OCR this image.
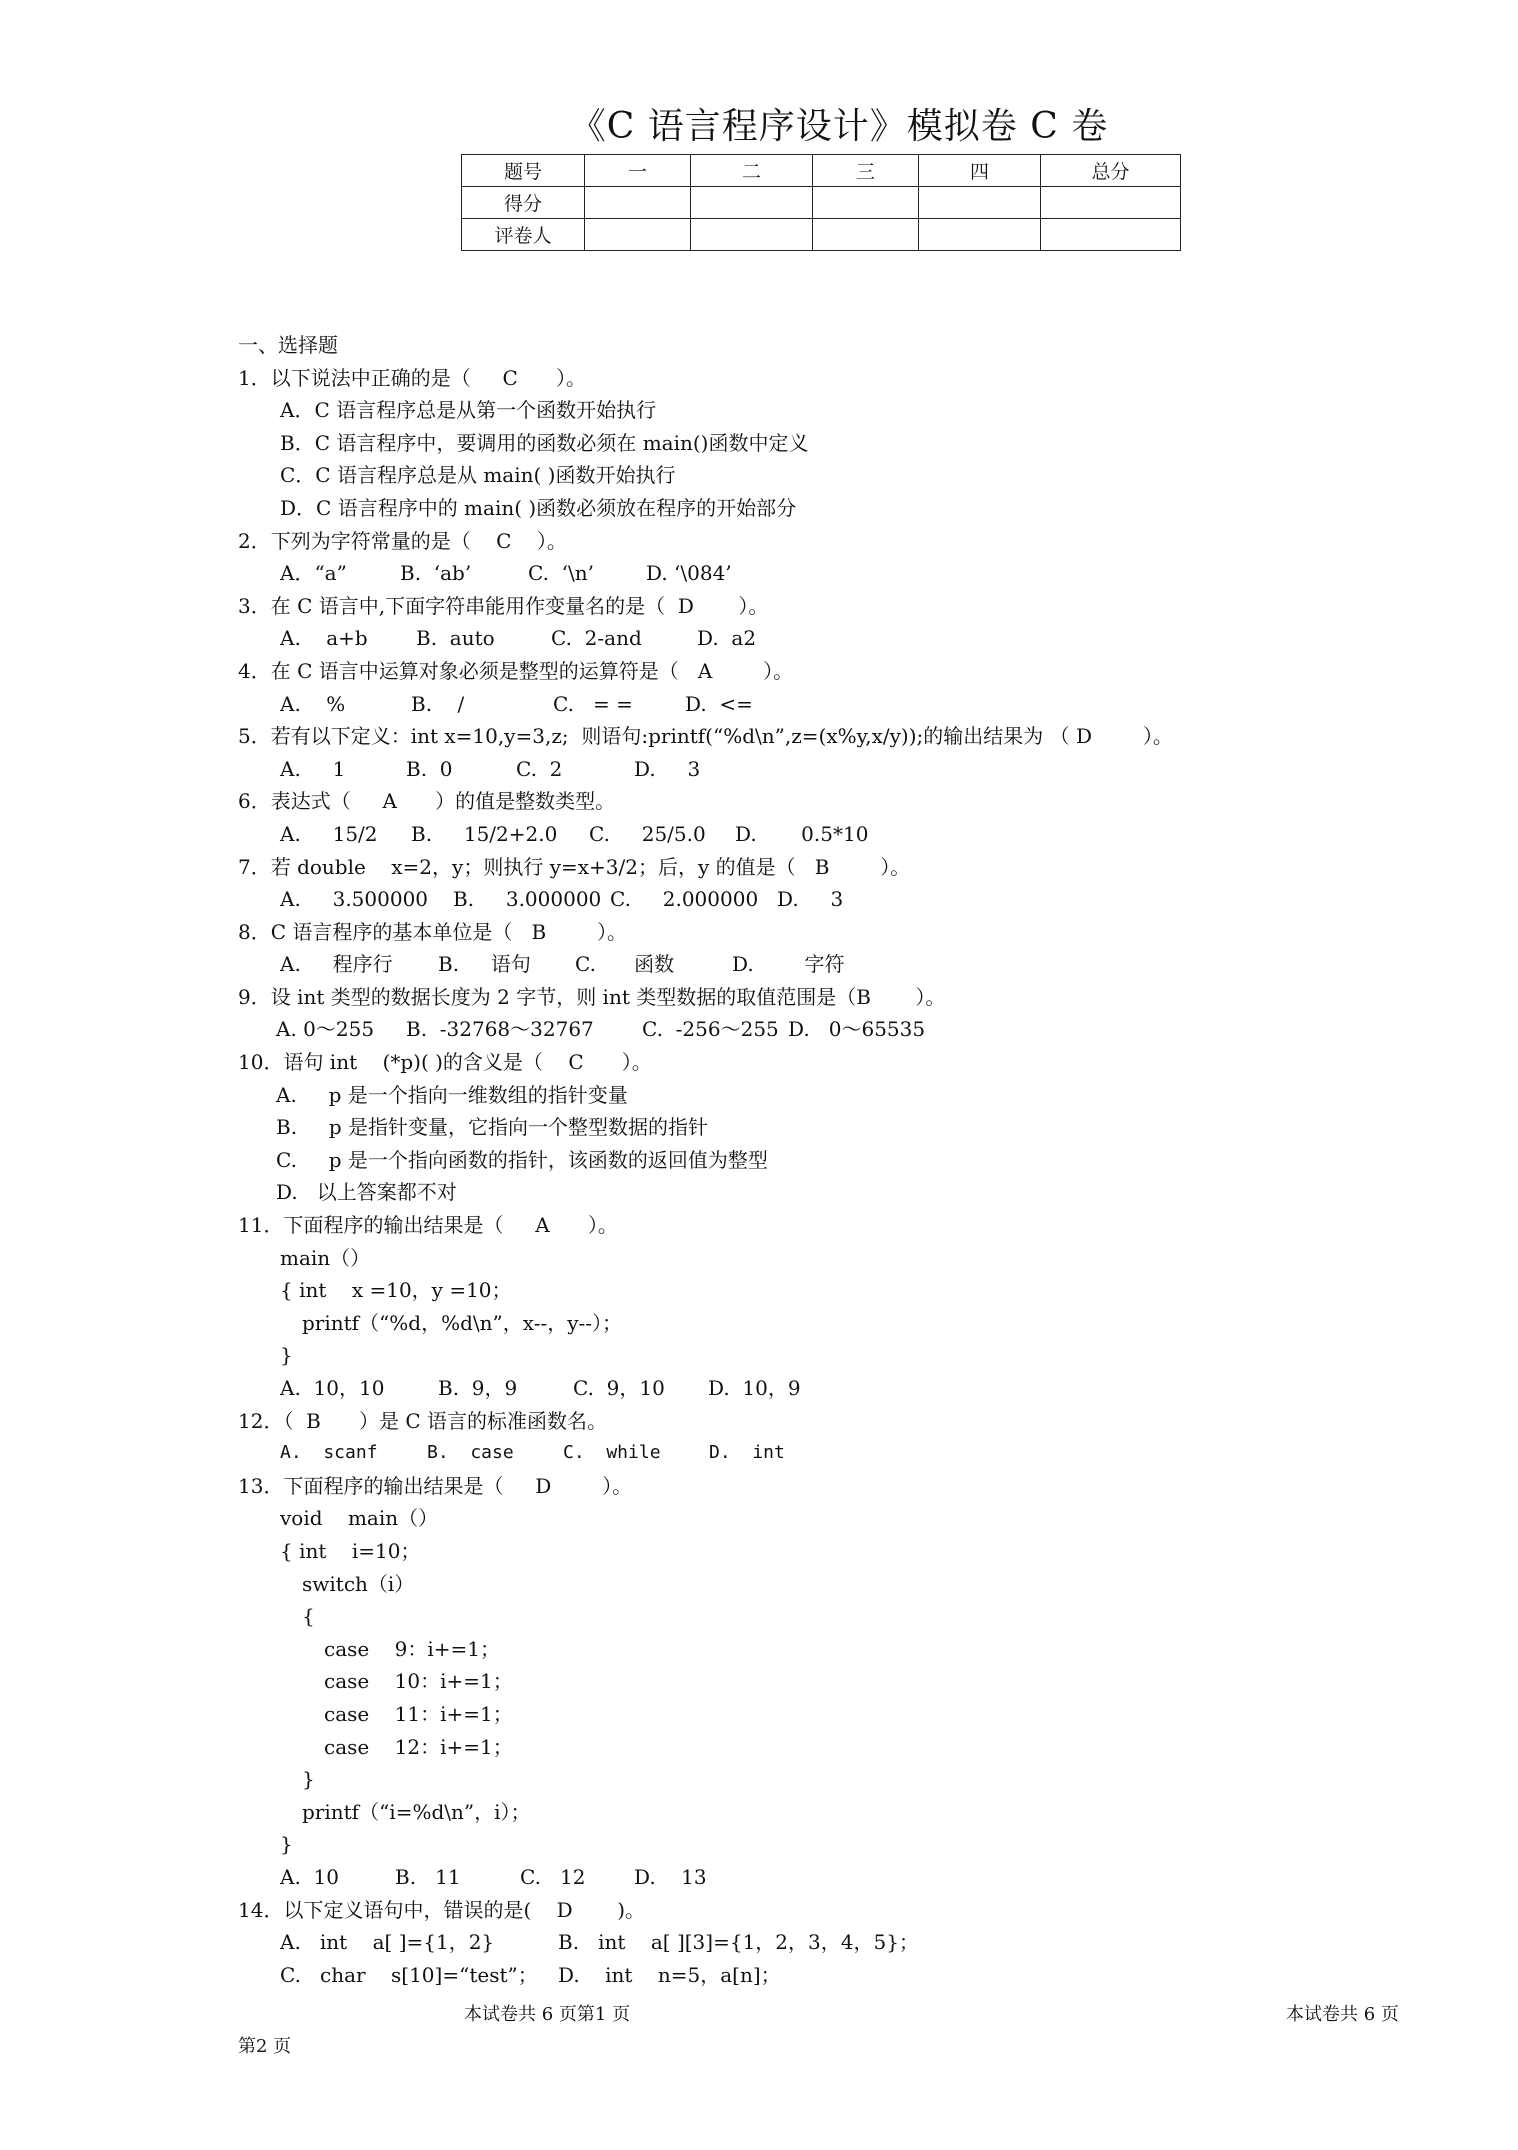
《C 语言程序设计》模拟卷 C 卷
题号	一	二	三	四	总分
得分					
评卷人					
一、选择题
1．以下说法中正确的是（     C      ）。
A．C 语言程序总是从第一个函数开始执行
B．C 语言程序中，要调用的函数必须在 main()函数中定义
C．C 语言程序总是从 main( )函数开始执行
D．C 语言程序中的 main( )函数必须放在程序的开始部分
2．下列为字符常量的是（    C    ）。
A．“a”	B.  ‘ab’	C.  ‘\n’	D. ‘\084’
3．在 C 语言中,下面字符串能用作变量名的是（  D       ）。
A.    a+b B.  auto	C.  2-and	D.  a2
4．在 C 语言中运算对象必须是整型的运算符是（   A        ）。
A.    %	B.    /	C.   = =	D.  <=
5．若有以下定义：int x=10,y=3,z;  则语句:printf(“%d\n”,z=(x%y,x/y));的输出结果为 （ D        ）。
A.     1	B.  0	C.  2	D.     3
6．表达式（     A      ）的值是整数类型。
A.     15/2 B.     15/2+2.0 C.     25/5.0 D.       0.5*10
7．若 double    x=2，y；则执行 y=x+3/2；后，y 的值是（   B        ）。
A.     3.500000 B.     3.000000 C.     2.000000 D.     3
8．C 语言程序的基本单位是（   B        ）。
A.     程序行 B.     语句 C.      函数	D.        字符
9．设 int 类型的数据长度为 2 字节，则 int 类型数据的取值范围是（B       ）。
A. 0～255 B.  -32768～32767 C.  -256～255 D.   0～65535
10．语句 int    (*p)( )的含义是（    C      ）。
A.     p 是一个指向一维数组的指针变量
B.     p 是指针变量，它指向一个整型数据的指针
C.     p 是一个指向函数的指针，该函数的返回值为整型
D.   以上答案都不对
11．下面程序的输出结果是（     A      ）。
main（）
{ int    x =10，y =10；
printf（“%d，%d\n”，x--，y--）；
}
A.  10，10	B.  9，9	C.  9，10 D.  10，9
12．（  B      ）是 C 语言的标准函数名。
A.  scanf	B.  case	C.  while	D.  int
13．下面程序的输出结果是（     D        ）。
void    main（）
{ int    i=10；
switch（i）
{
case    9：i+=1；
case    10：i+=1；
case    11：i+=1；
case    12：i+=1；
}
printf（“i=%d\n”，i）；
}
A.  10	B.   11	C.   12 D.    13
14．以下定义语句中，错误的是(    D       )。
A.   int    a[ ]={1，2}	B.   int    a[ ][3]={1，2，3，4，5}；
C.   char    s[10]=“test”； D.    int    n=5，a[n]；
本试卷共 6 页第1 页	本试卷共 6 页
第2 页
